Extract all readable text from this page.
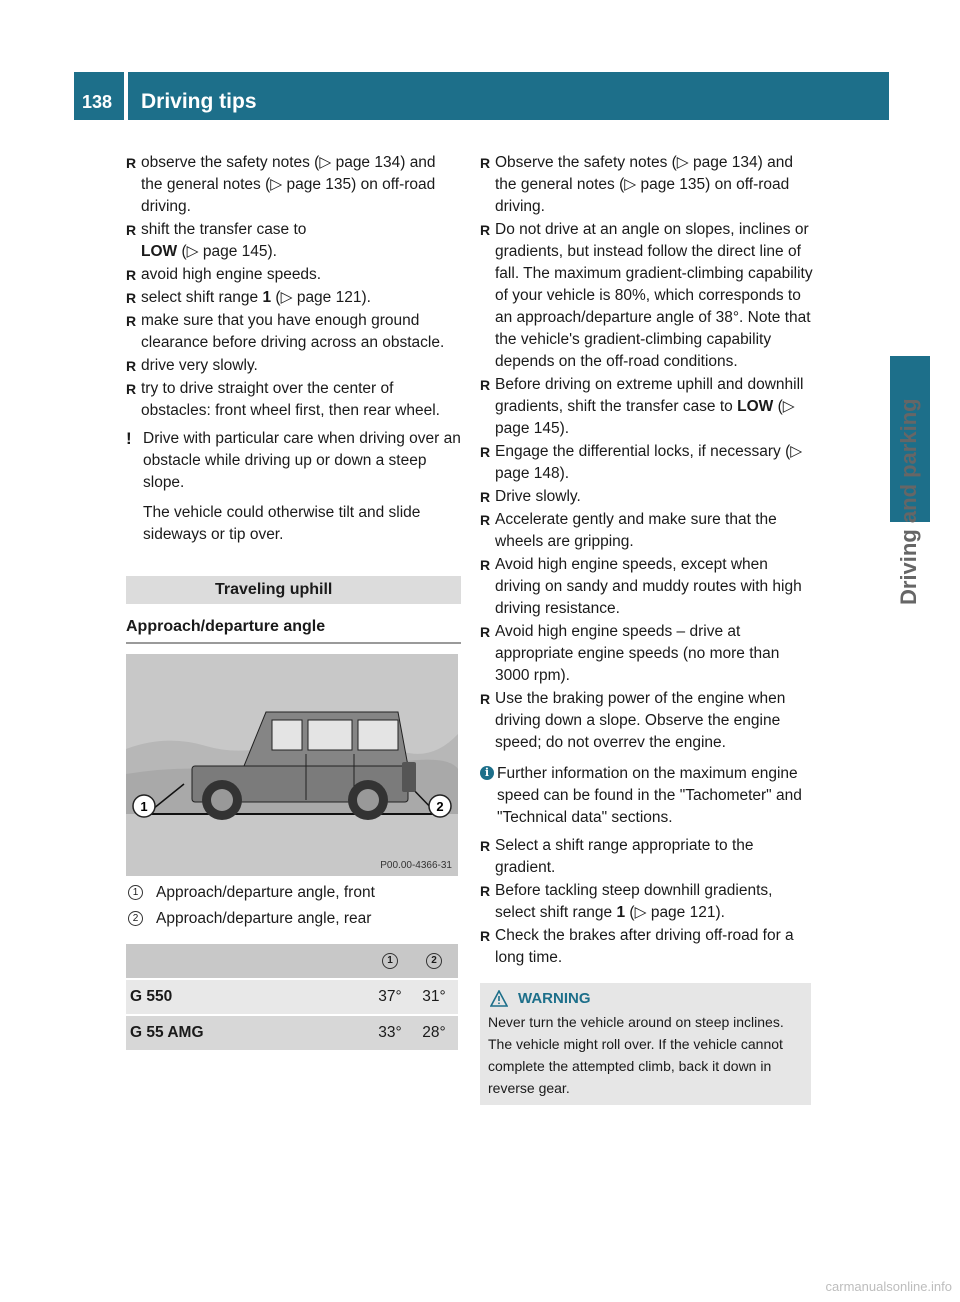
138 Driving tips
Driving and parking
R observe the safety notes (▷ page 134) and the general notes (▷ page 135) on off-road driving.
R shift the transfer case to
LOW (▷ page 145).
R avoid high engine speeds.
R select shift range 1 (▷ page 121).
R make sure that you have enough ground clearance before driving across an obstacle.
R drive very slowly.
R try to drive straight over the center of obstacles: front wheel first, then rear wheel.
! Drive with particular care when driving over an obstacle while driving up or down a steep slope.

The vehicle could otherwise tilt and slide sideways or tip over.

Traveling uphill
Approach/departure angle
1	2
P00.00-4366-31
1	Approach/departure angle, front
2	Approach/departure angle, rear
	1	2

G 550	37°	31°

G 55 AMG	33°	28°
R Observe the safety notes (▷ page 134) and the general notes (▷ page 135) on off-road driving.
R Do not drive at an angle on slopes, inclines or gradients, but instead follow the direct line of fall. The maximum gradient-climbing capability of your vehicle is 80%, which corresponds to an approach/departure angle of 38°. Note that the vehicle's gradient-climbing capability depends on the off-road conditions.
R Before driving on extreme uphill and downhill gradients, shift the transfer case to LOW (▷ page 145).
R Engage the differential locks, if necessary (▷ page 148).
R Drive slowly.
R Accelerate gently and make sure that the wheels are gripping.
R Avoid high engine speeds, except when driving on sandy and muddy routes with high driving resistance.
R Avoid high engine speeds – drive at appropriate engine speeds (no more than 3000 rpm).
R Use the braking power of the engine when driving down a slope. Observe the engine speed; do not overrev the engine.
i Further information on the maximum engine speed can be found in the "Tachometer" and "Technical data" sections.

R Select a shift range appropriate to the gradient.
R Before tackling steep downhill gradients, select shift range 1 (▷ page 121).
R Check the brakes after driving off-road for a long time.
WARNING
Never turn the vehicle around on steep inclines. The vehicle might roll over. If the vehicle cannot complete the attempted climb, back it down in reverse gear.
carmanualsonline.info
